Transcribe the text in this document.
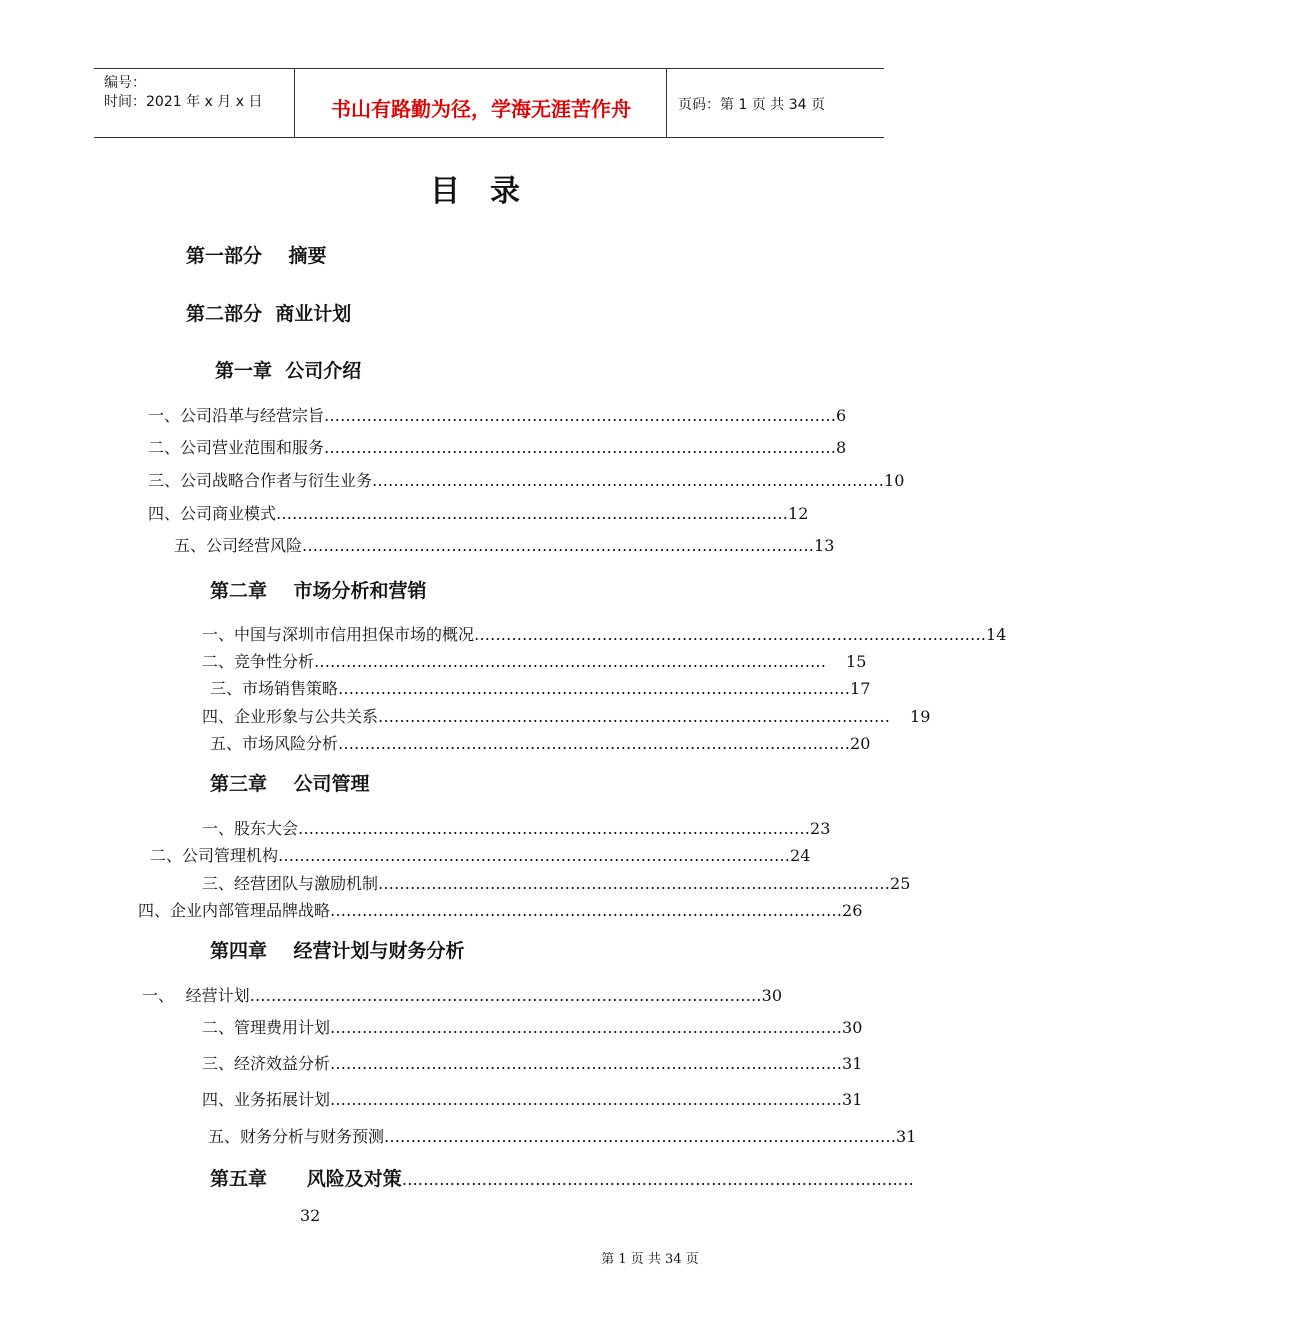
编号：
时间：2021 年 x 月 x 日	书山有路勤为径，学海无涯苦作舟	页码：第 1 页 共 34 页
目录
第一部分    摘要
第二部分  商业计划
第一章  公司介绍
一、 公司沿革与经营宗旨 …………………………………………………………………………………… 6
二、 公司营业范围和服务 …………………………………………………………………………………… 8
三、 公司战略合作者与衍生业务 …………………………………………………………………………………… 10
四、 公司商业模式 …………………………………………………………………………………… 12
五、 公司经营风险 …………………………………………………………………………………… 13
第二章    市场分析和营销
一、 中国与深圳市信用担保市场的概况 …………………………………………………………………………………… 14
二、 竞争性分析 …………………………………………………………………………………… 15
三、 市场销售策略 …………………………………………………………………………………… 17
四、 企业形象与公共关系 …………………………………………………………………………………… 19
五、 市场风险分析 …………………………………………………………………………………… 20
第三章    公司管理
一、 股东大会 …………………………………………………………………………………… 23
二、 公司管理机构 …………………………………………………………………………………… 24
三、 经营团队与激励机制 …………………………………………………………………………………… 25
四、 企业内部管理品牌战略 …………………………………………………………………………………… 26
第四章    经营计划与财务分析
一、 经营计划 …………………………………………………………………………………… 30
二、 管理费用计划 …………………………………………………………………………………… 30
三、 经济效益分析 …………………………………………………………………………………… 31
四、 业务拓展计划 …………………………………………………………………………………… 31
五、 财务分析与财务预测 …………………………………………………………………………………… 31
第五章      风险及对策 ……………………………………………………………………………………
32
第 1 页 共 34 页
